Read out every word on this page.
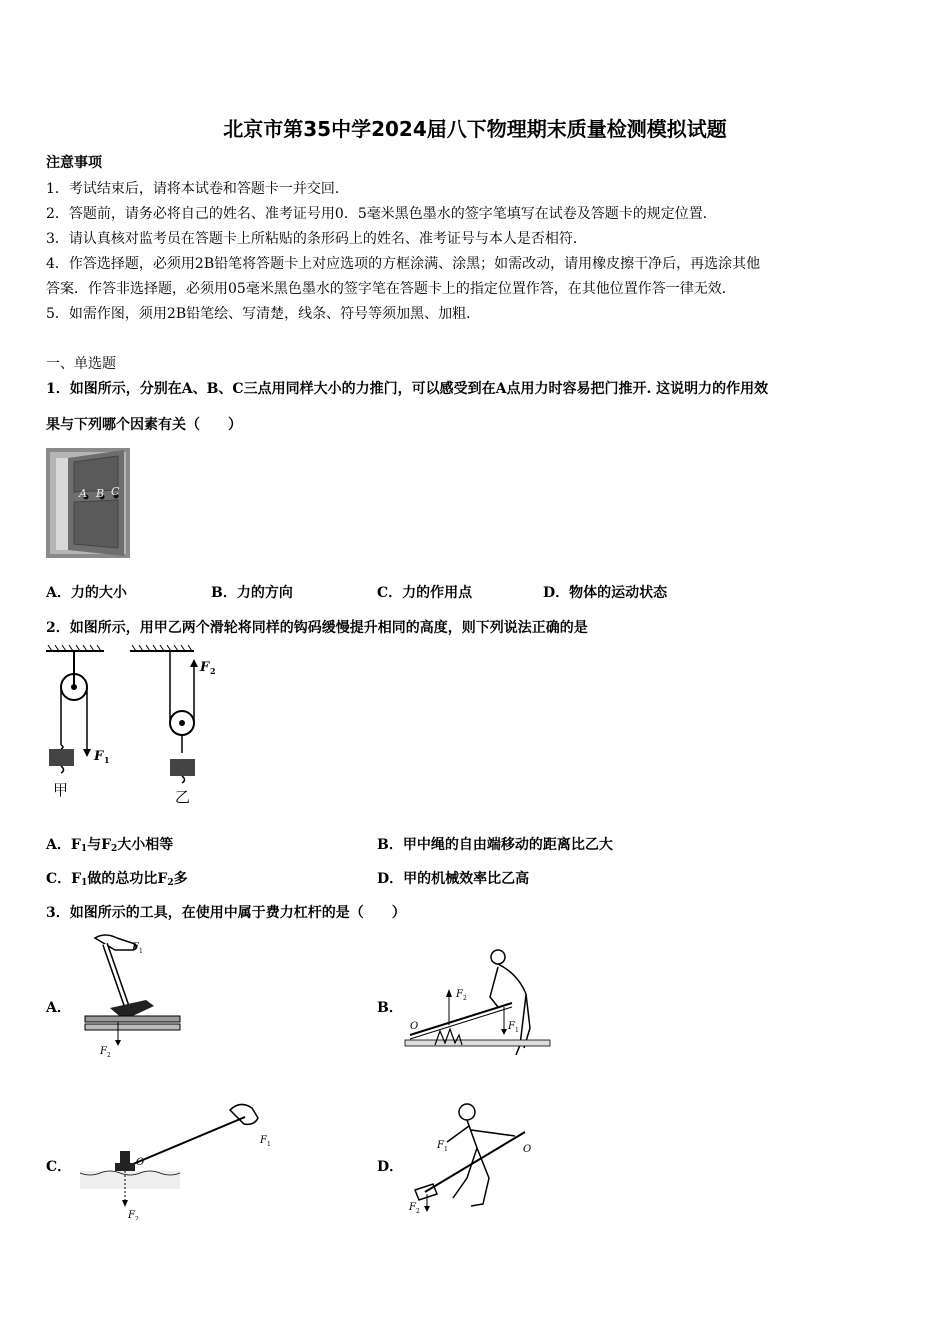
北京市第35中学2024届八下物理期末质量检测模拟试题
注意事项
1．考试结束后，请将本试卷和答题卡一并交回．
2．答题前，请务必将自己的姓名、准考证号用0．5毫米黑色墨水的签字笔填写在试卷及答题卡的规定位置．
3．请认真核对监考员在答题卡上所粘贴的条形码上的姓名、准考证号与本人是否相符．
4．作答选择题，必须用2B铅笔将答题卡上对应选项的方框涂满、涂黑；如需改动，请用橡皮擦干净后，再选涂其他
答案．作答非选择题，必须用05毫米黑色墨水的签字笔在答题卡上的指定位置作答，在其他位置作答一律无效．
5．如需作图，须用2B铅笔绘、写清楚，线条、符号等须加黑、加粗．
一、单选题
1．如图所示，分别在A、B、C三点用同样大小的力推门，可以感受到在A点用力时容易把门推开. 这说明力的作用效
果与下列哪个因素有关（　　）
A B C
A．力的大小	B．力的方向	C．力的作用点	D．物体的运动状态
2．如图所示，用甲乙两个滑轮将同样的钩码缓慢提升相同的高度，则下列说法正确的是
F 1
甲
F 2
乙
A．$F_1$与$F_2$大小相等	B．甲中绳的自由端移动的距离比乙大
C．$F_1$做的总功比$F_2$多	D．甲的机械效率比乙高
3．如图所示的工具，在使用中属于费力杠杆的是（　　）
A．
F 1
F 2
B．
F 2
O	F 1
C．
F 2
O
F 1
D．
F 1	O
F 2
